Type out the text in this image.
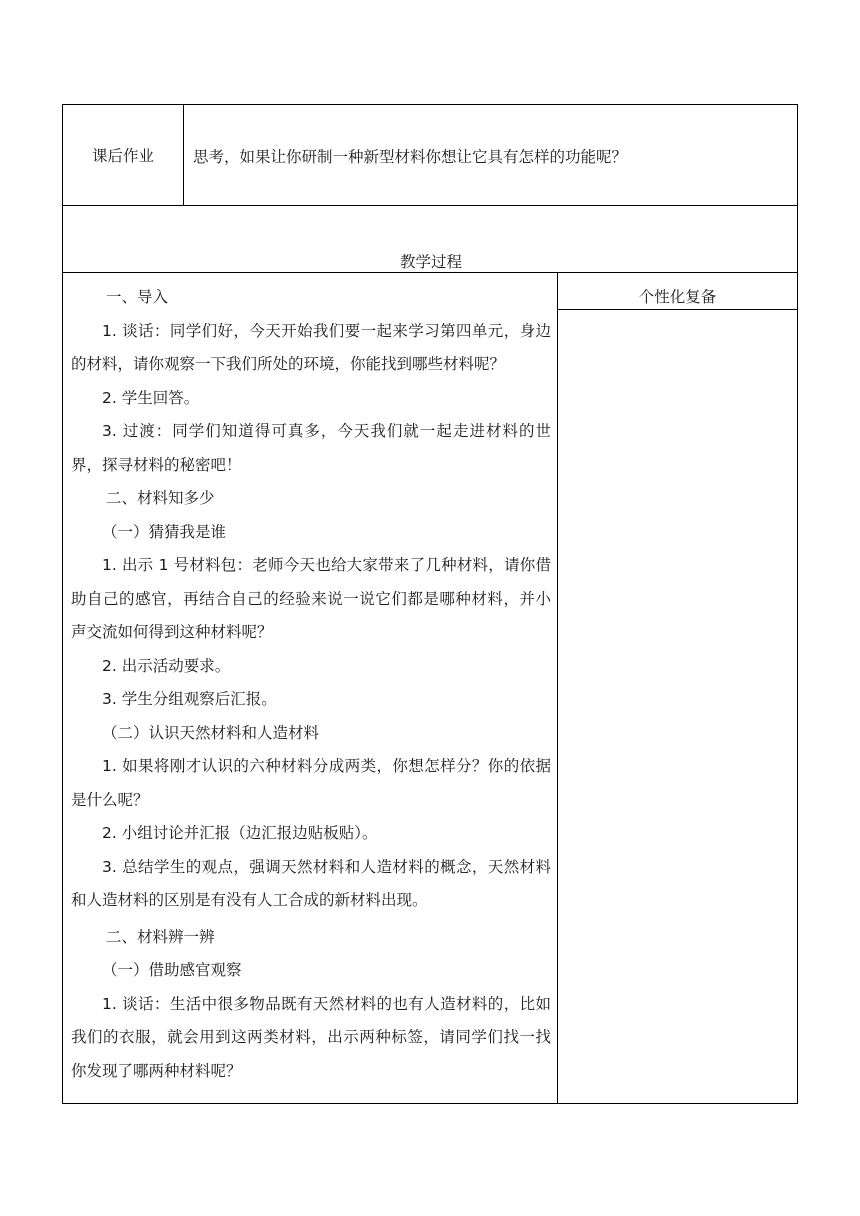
课后作业	思考，如果让你研制一种新型材料你想让它具有怎样的功能呢？
教学过程
个性化复备

一、导入

1. 谈话：同学们好，今天开始我们要一起来学习第四单元，身边的材料，请你观察一下我们所处的环境，你能找到哪些材料呢？

2. 学生回答。

3. 过渡：同学们知道得可真多，今天我们就一起走进材料的世界，探寻材料的秘密吧！

二、材料知多少

（一）猜猜我是谁

1. 出示 1 号材料包：老师今天也给大家带来了几种材料，请你借助自己的感官，再结合自己的经验来说一说它们都是哪种材料，并小声交流如何得到这种材料呢？

2. 出示活动要求。

3. 学生分组观察后汇报。

（二）认识天然材料和人造材料

1. 如果将刚才认识的六种材料分成两类，你想怎样分？你的依据是什么呢？

2. 小组讨论并汇报（边汇报边贴板贴）。

3. 总结学生的观点，强调天然材料和人造材料的概念，天然材料和人造材料的区别是有没有人工合成的新材料出现。

二、材料辨一辨

（一）借助感官观察

1. 谈话：生活中很多物品既有天然材料的也有人造材料的，比如我们的衣服，就会用到这两类材料，出示两种标签，请同学们找一找你发现了哪两种材料呢？
